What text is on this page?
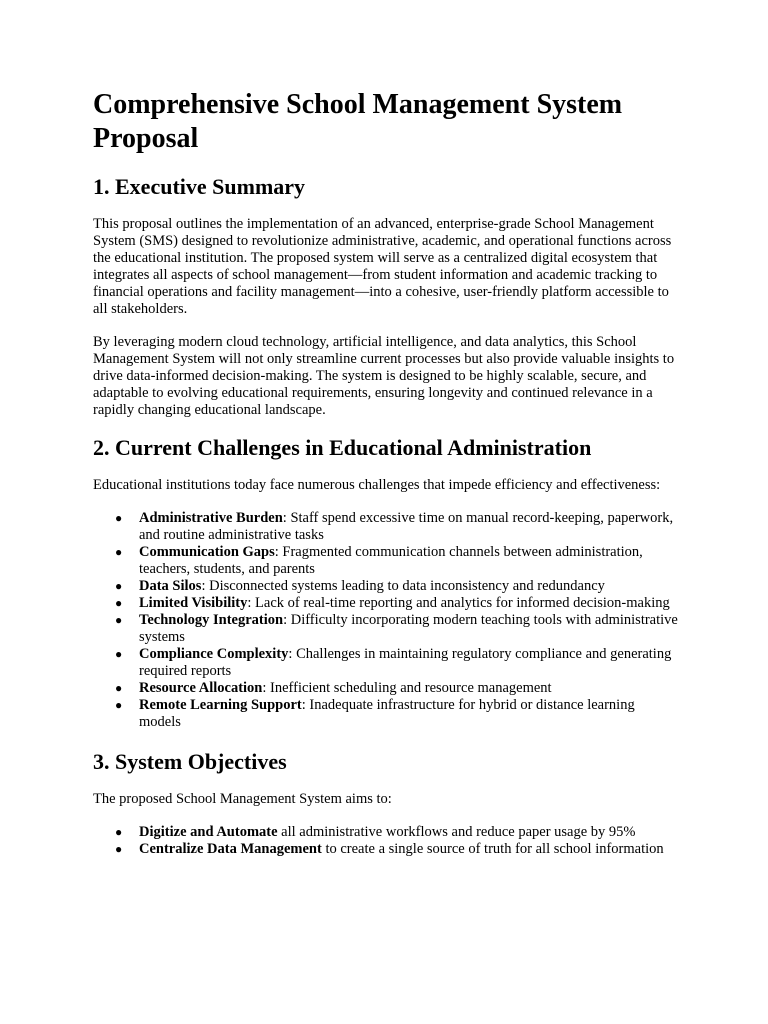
Comprehensive School Management System Proposal
1. Executive Summary

This proposal outlines the implementation of an advanced, enterprise-grade School Management System (SMS) designed to revolutionize administrative, academic, and operational functions across the educational institution. The proposed system will serve as a centralized digital ecosystem that integrates all aspects of school management—from student information and academic tracking to financial operations and facility management—into a cohesive, user-friendly platform accessible to all stakeholders.

By leveraging modern cloud technology, artificial intelligence, and data analytics, this School Management System will not only streamline current processes but also provide valuable insights to drive data-informed decision-making. The system is designed to be highly scalable, secure, and adaptable to evolving educational requirements, ensuring longevity and continued relevance in a rapidly changing educational landscape.

2. Current Challenges in Educational Administration

Educational institutions today face numerous challenges that impede efficiency and effectiveness:

● Administrative Burden: Staff spend excessive time on manual record-keeping, paperwork, and routine administrative tasks
● Communication Gaps: Fragmented communication channels between administration, teachers, students, and parents
● Data Silos: Disconnected systems leading to data inconsistency and redundancy
● Limited Visibility: Lack of real-time reporting and analytics for informed decision-making
● Technology Integration: Difficulty incorporating modern teaching tools with administrative systems
● Compliance Complexity: Challenges in maintaining regulatory compliance and generating required reports
● Resource Allocation: Inefficient scheduling and resource management
● Remote Learning Support: Inadequate infrastructure for hybrid or distance learning models
3. System Objectives

The proposed School Management System aims to:

● Digitize and Automate all administrative workflows and reduce paper usage by 95%
● Centralize Data Management to create a single source of truth for all school information
